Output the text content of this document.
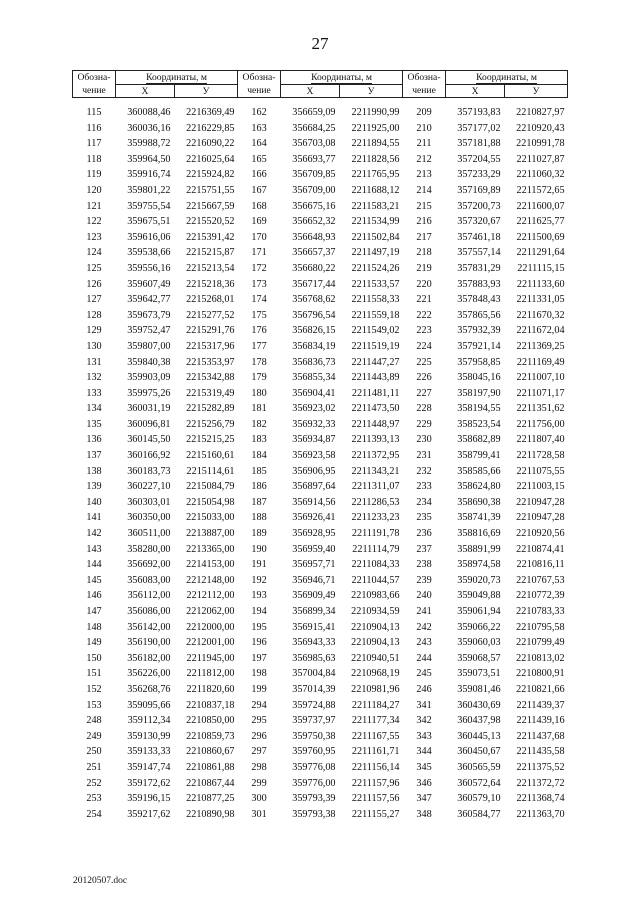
27
Обозна-	Координаты, м		Обозна-	Координаты, м		Обозна-	Координаты, м	
чение	X	У	чение	X	У	чение	X	У
115	360088,46	2216369,49	162	356659,09	2211990,99	209	357193,83	2210827,97
116	360036,16	2216229,85	163	356684,25	2211925,00	210	357177,02	2210920,43
117	359988,72	2216090,22	164	356703,08	2211894,55	211	357181,88	2210991,78
118	359964,50	2216025,64	165	356693,77	2211828,56	212	357204,55	2211027,87
119	359916,74	2215924,82	166	356709,85	2211765,95	213	357233,29	2211060,32
120	359801,22	2215751,55	167	356709,00	2211688,12	214	357169,89	2211572,65
121	359755,54	2215667,59	168	356675,16	2211583,21	215	357200,73	2211600,07
122	359675,51	2215520,52	169	356652,32	2211534,99	216	357320,67	2211625,77
123	359616,06	2215391,42	170	356648,93	2211502,84	217	357461,18	2211500,69
124	359538,66	2215215,87	171	356657,37	2211497,19	218	357557,14	2211291,64
125	359556,16	2215213,54	172	356680,22	2211524,26	219	357831,29	2211115,15
126	359607,49	2215218,36	173	356717,44	2211533,57	220	357883,93	2211133,60
127	359642,77	2215268,01	174	356768,62	2211558,33	221	357848,43	2211331,05
128	359673,79	2215277,52	175	356796,54	2211559,18	222	357865,56	2211670,32
129	359752,47	2215291,76	176	356826,15	2211549,02	223	357932,39	2211672,04
130	359807,00	2215317,96	177	356834,19	2211519,19	224	357921,14	2211369,25
131	359840,38	2215353,97	178	356836,73	2211447,27	225	357958,85	2211169,49
132	359903,09	2215342,88	179	356855,34	2211443,89	226	358045,16	2211007,10
133	359975,26	2215319,49	180	356904,41	2211481,11	227	358197,90	2211071,17
134	360031,19	2215282,89	181	356923,02	2211473,50	228	358194,55	2211351,62
135	360096,81	2215256,79	182	356932,33	2211448,97	229	358523,54	2211756,00
136	360145,50	2215215,25	183	356934,87	2211393,13	230	358682,89	2211807,40
137	360166,92	2215160,61	184	356923,58	2211372,95	231	358799,41	2211728,58
138	360183,73	2215114,61	185	356906,95	2211343,21	232	358585,66	2211075,55
139	360227,10	2215084,79	186	356897,64	2211311,07	233	358624,80	2211003,15
140	360303,01	2215054,98	187	356914,56	2211286,53	234	358690,38	2210947,28
141	360350,00	2215033,00	188	356926,41	2211233,23	235	358741,39	2210947,28
142	360511,00	2213887,00	189	356928,95	2211191,78	236	358816,69	2210920,56
143	358280,00	2213365,00	190	356959,40	2211114,79	237	358891,99	2210874,41
144	356692,00	2214153,00	191	356957,71	2211084,33	238	358974,58	2210816,11
145	356083,00	2212148,00	192	356946,71	2211044,57	239	359020,73	2210767,53
146	356112,00	2212112,00	193	356909,49	2210983,66	240	359049,88	2210772,39
147	356086,00	2212062,00	194	356899,34	2210934,59	241	359061,94	2210783,33
148	356142,00	2212000,00	195	356915,41	2210904,13	242	359066,22	2210795,58
149	356190,00	2212001,00	196	356943,33	2210904,13	243	359060,03	2210799,49
150	356182,00	2211945,00	197	356985,63	2210940,51	244	359068,57	2210813,02
151	356226,00	2211812,00	198	357004,84	2210968,19	245	359073,51	2210800,91
152	356268,76	2211820,60	199	357014,39	2210981,96	246	359081,46	2210821,66
153	359095,66	2210837,18	294	359724,88	2211184,27	341	360430,69	2211439,37
248	359112,34	2210850,00	295	359737,97	2211177,34	342	360437,98	2211439,16
249	359130,99	2210859,73	296	359750,38	2211167,55	343	360445,13	2211437,68
250	359133,33	2210860,67	297	359760,95	2211161,71	344	360450,67	2211435,58
251	359147,74	2210861,88	298	359776,08	2211156,14	345	360565,59	2211375,52
252	359172,62	2210867,44	299	359776,00	2211157,96	346	360572,64	2211372,72
253	359196,15	2210877,25	300	359793,39	2211157,56	347	360579,10	2211368,74
254	359217,62	2210890,98	301	359793,38	2211155,27	348	360584,77	2211363,70
20120507.doc
